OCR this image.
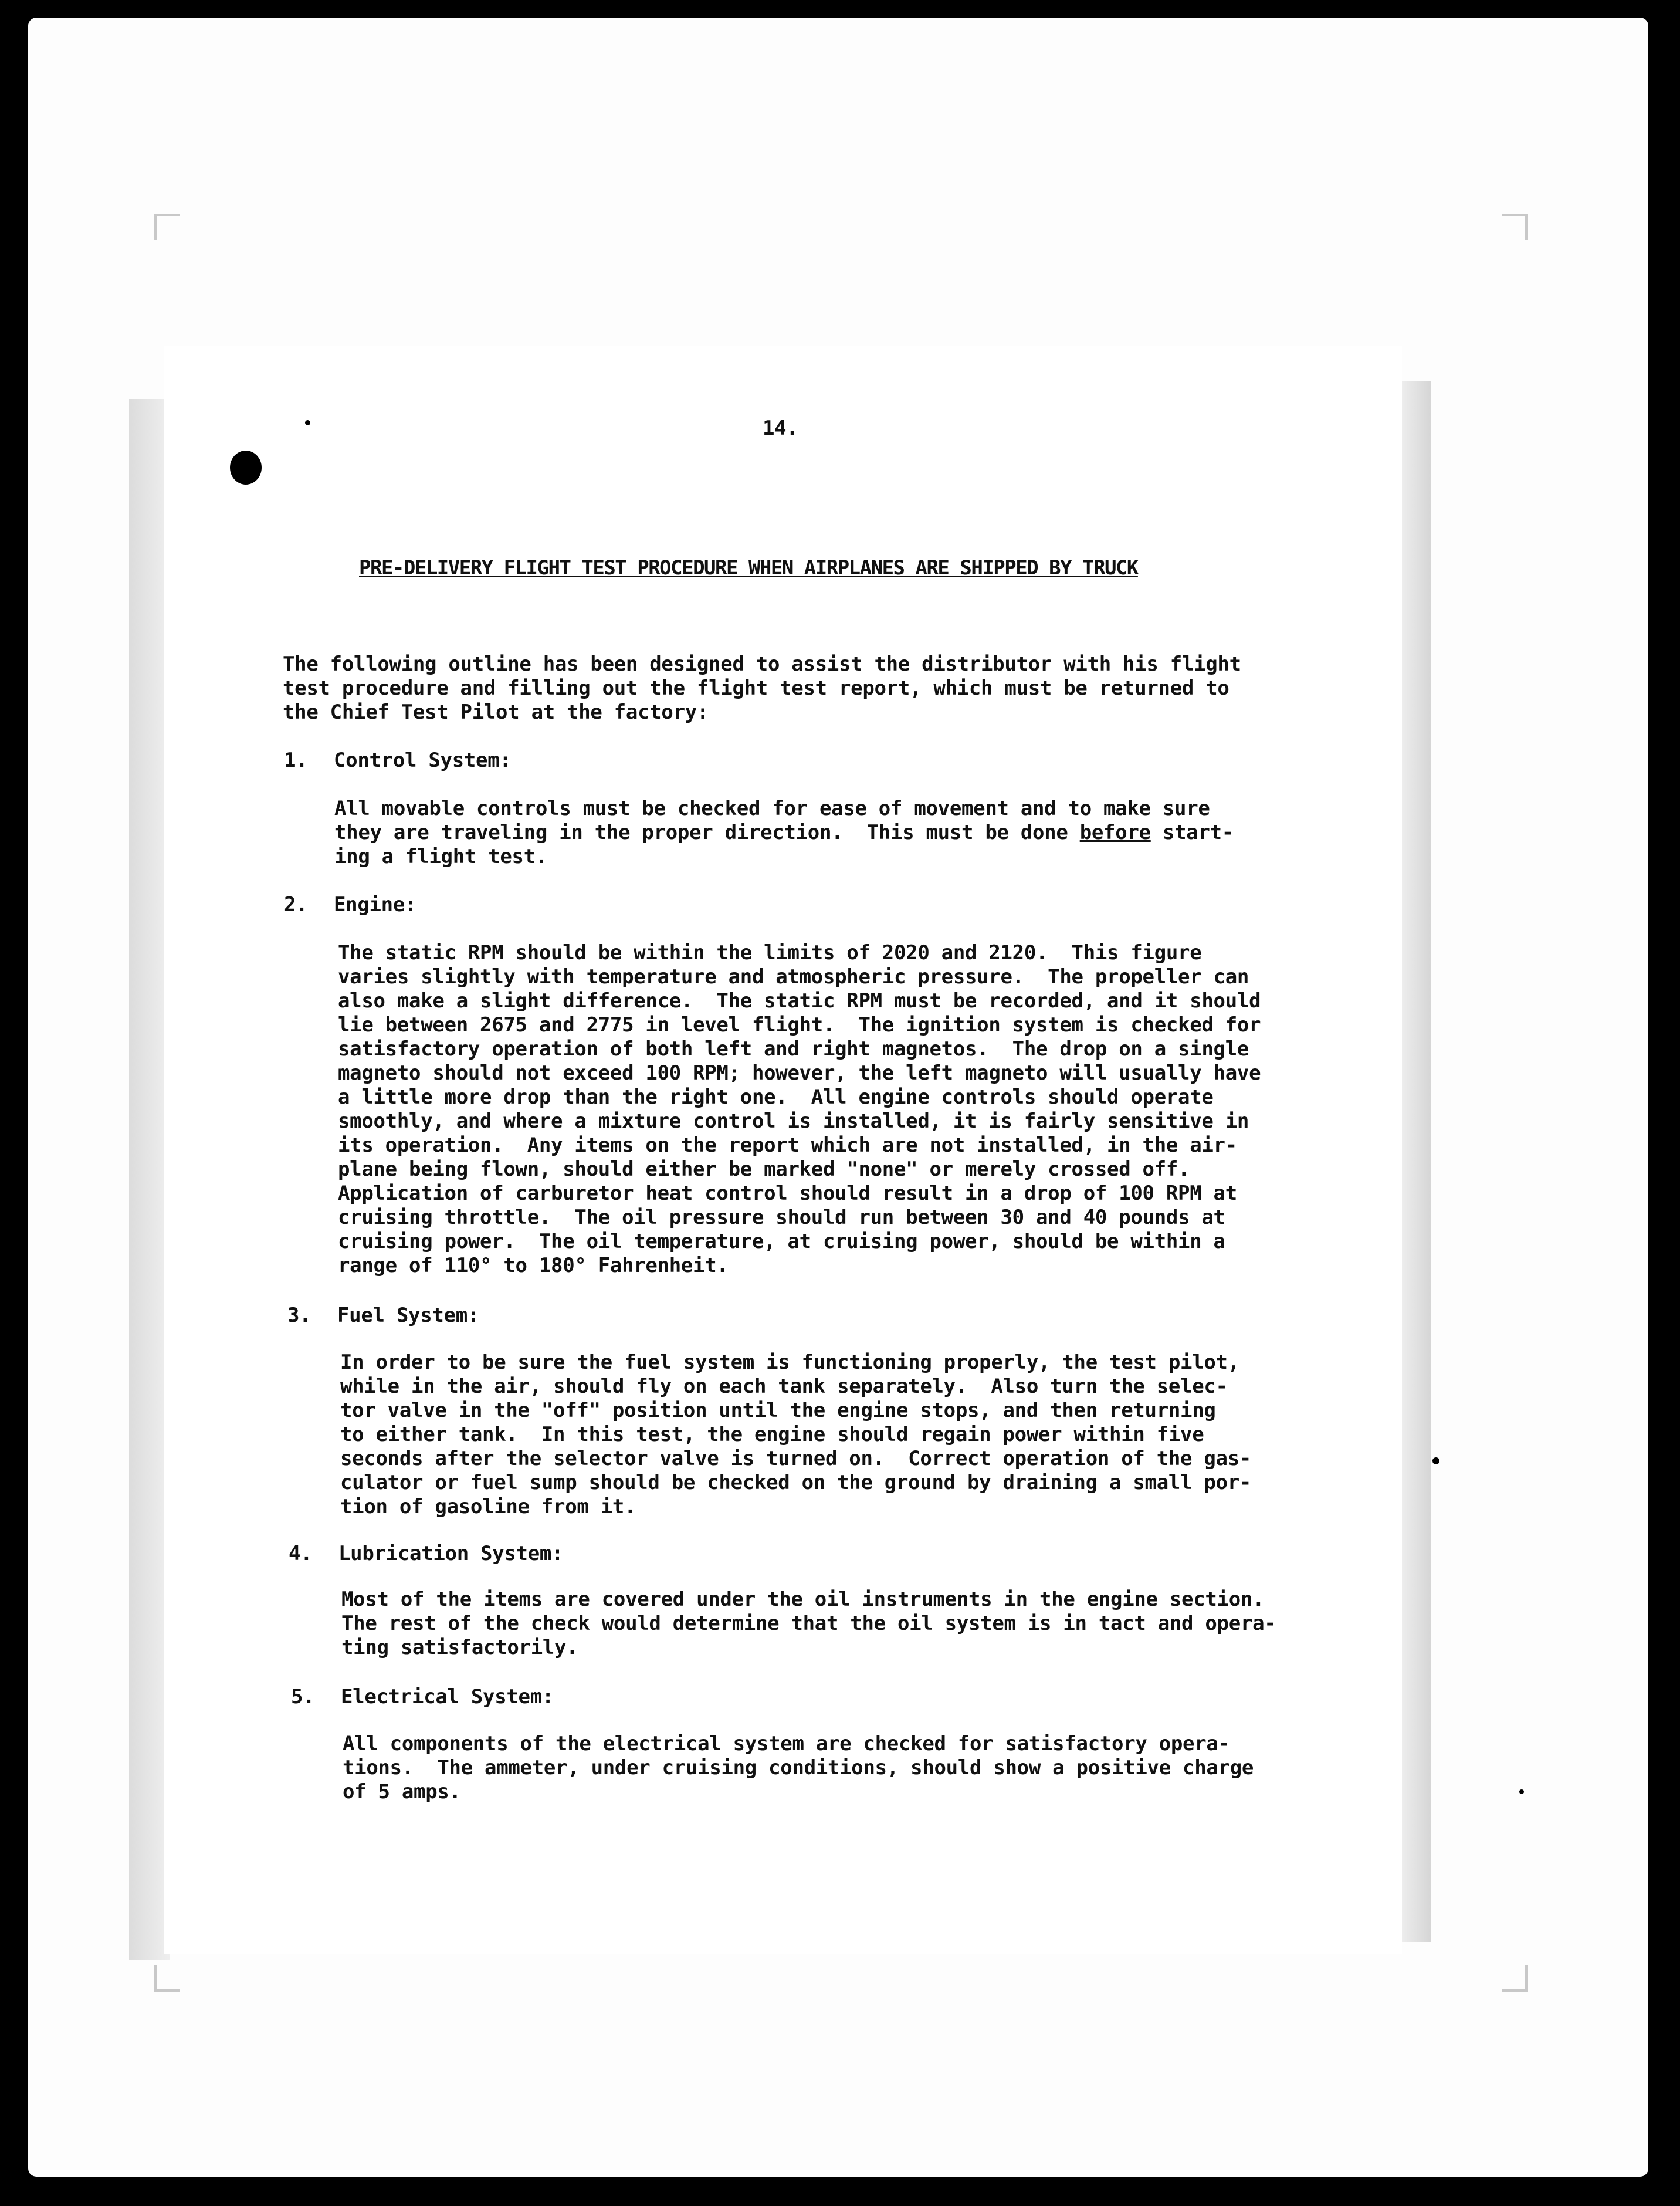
14.
PRE-DELIVERY FLIGHT TEST PROCEDURE WHEN AIRPLANES ARE SHIPPED BY TRUCK
The following outline has been designed to assist the distributor with his flight
test procedure and filling out the flight test report, which must be returned to
the Chief Test Pilot at the factory:
1. Control System:
All movable controls must be checked for ease of movement and to make sure
they are traveling in the proper direction.  This must be done before start-
ing a flight test.
2. Engine:
The static RPM should be within the limits of 2020 and 2120.  This figure
varies slightly with temperature and atmospheric pressure.  The propeller can
also make a slight difference.  The static RPM must be recorded, and it should
lie between 2675 and 2775 in level flight.  The ignition system is checked for
satisfactory operation of both left and right magnetos.  The drop on a single
magneto should not exceed 100 RPM; however, the left magneto will usually have
a little more drop than the right one.  All engine controls should operate
smoothly, and where a mixture control is installed, it is fairly sensitive in
its operation.  Any items on the report which are not installed, in the air-
plane being flown, should either be marked "none" or merely crossed off.
Application of carburetor heat control should result in a drop of 100 RPM at
cruising throttle.  The oil pressure should run between 30 and 40 pounds at
cruising power.  The oil temperature, at cruising power, should be within a
range of 110° to 180° Fahrenheit.
3. Fuel System:
In order to be sure the fuel system is functioning properly, the test pilot,
while in the air, should fly on each tank separately.  Also turn the selec-
tor valve in the "off" position until the engine stops, and then returning
to either tank.  In this test, the engine should regain power within five
seconds after the selector valve is turned on.  Correct operation of the gas-
culator or fuel sump should be checked on the ground by draining a small por-
tion of gasoline from it.
4. Lubrication System:
Most of the items are covered under the oil instruments in the engine section.
The rest of the check would determine that the oil system is in tact and opera-
ting satisfactorily.
5. Electrical System:
All components of the electrical system are checked for satisfactory opera-
tions.  The ammeter, under cruising conditions, should show a positive charge
of 5 amps.
